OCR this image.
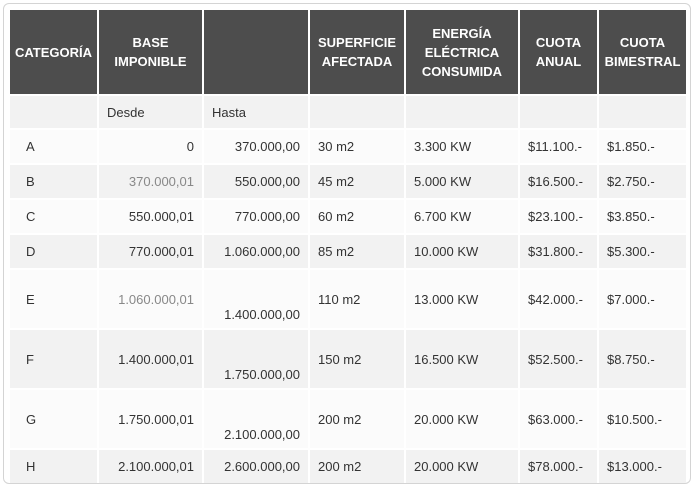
CATEGORÍA	BASE IMPONIBLE		SUPERFICIE AFECTADA	ENERGÍA ELÉCTRICA CONSUMIDA	CUOTA ANUAL	CUOTA BIMESTRAL
	Desde	Hasta				
A	0	370.000,00	30 m2	3.300 KW	$11.100.-	$1.850.-
B	370.000,01	550.000,00	45 m2	5.000 KW	$16.500.-	$2.750.-
C	550.000,01	770.000,00	60 m2	6.700 KW	$23.100.-	$3.850.-
D	770.000,01	1.060.000,00	85 m2	10.000 KW	$31.800.-	$5.300.-
E	1.060.000,01	1.400.000,00	110 m2	13.000 KW	$42.000.-	$7.000.-
F	1.400.000,01	1.750.000,00	150 m2	16.500 KW	$52.500.-	$8.750.-
G	1.750.000,01	2.100.000,00	200 m2	20.000 KW	$63.000.-	$10.500.-
H	2.100.000,01	2.600.000,00	200 m2	20.000 KW	$78.000.-	$13.000.-
